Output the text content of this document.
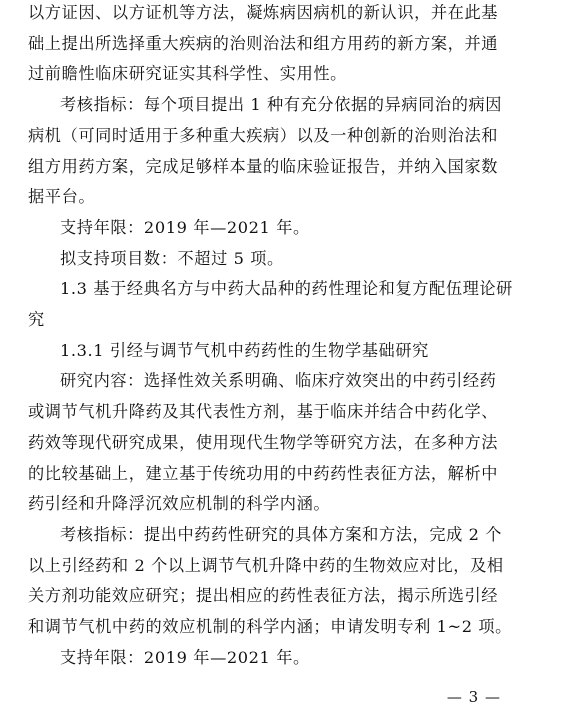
以方证因、以方证机等方法，凝炼病因病机的新认识，并在此基
础上提出所选择重大疾病的治则治法和组方用药的新方案，并通
过前瞻性临床研究证实其科学性、实用性。

考核指标：每个项目提出 1 种有充分依据的异病同治的病因
病机（可同时适用于多种重大疾病）以及一种创新的治则治法和
组方用药方案，完成足够样本量的临床验证报告，并纳入国家数
据平台。

支持年限：2019 年—2021 年。

拟支持项目数：不超过 5 项。

1.3 基于经典名方与中药大品种的药性理论和复方配伍理论研
究

1.3.1 引经与调节气机中药药性的生物学基础研究

研究内容：选择性效关系明确、临床疗效突出的中药引经药
或调节气机升降药及其代表性方剂，基于临床并结合中药化学、
药效等现代研究成果，使用现代生物学等研究方法，在多种方法
的比较基础上，建立基于传统功用的中药药性表征方法，解析中
药引经和升降浮沉效应机制的科学内涵。

考核指标：提出中药药性研究的具体方案和方法，完成 2 个
以上引经药和 2 个以上调节气机升降中药的生物效应对比，及相
关方剂功能效应研究；提出相应的药性表征方法，揭示所选引经
和调节气机中药的效应机制的科学内涵；申请发明专利 1~2 项。

支持年限：2019 年—2021 年。

— 3 —
